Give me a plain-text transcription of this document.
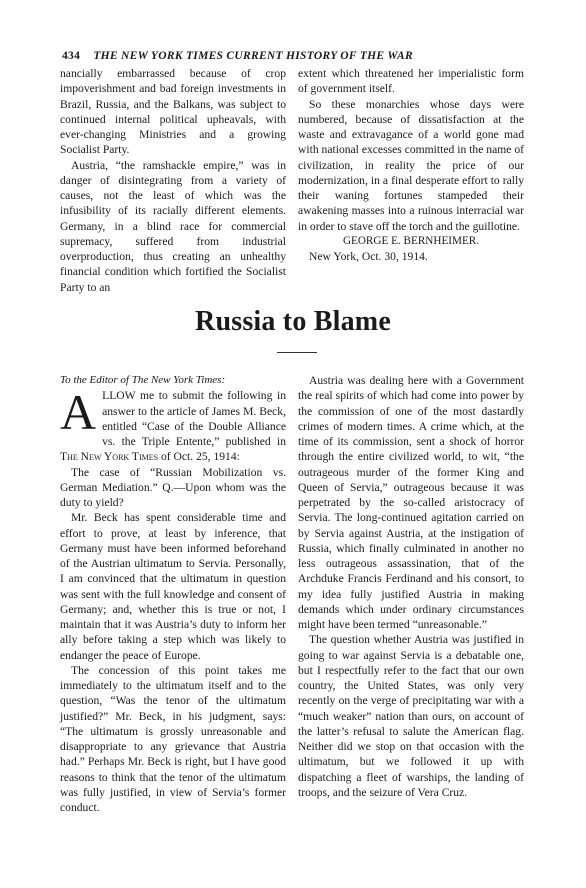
434 THE NEW YORK TIMES CURRENT HISTORY OF THE WAR

nancially embarrassed because of crop impoverishment and bad foreign investments in Brazil, Russia, and the Balkans, was subject to continued internal political upheavals, with ever-changing Ministries and a growing Socialist Party.

Austria, “the ramshackle empire,” was in danger of disintegrating from a variety of causes, not the least of which was the infusibility of its racially different elements. Germany, in a blind race for commercial supremacy, suffered from industrial overproduction, thus creating an unhealthy financial condition which fortified the Socialist Party to an

extent which threatened her imperialistic form of government itself.

So these monarchies whose days were numbered, because of dissatisfaction at the waste and extravagance of a world gone mad with national excesses committed in the name of civilization, in reality the price of our modernization, in a final desperate effort to rally their waning fortunes stampeded their awakening masses into a ruinous interracial war in order to stave off the torch and the guillotine.

GEORGE E. BERNHEIMER.

New York, Oct. 30, 1914.

Russia to Blame

To the Editor of The New York Times:

ALLOW me to submit the following in answer to the article of James M. Beck, entitled “Case of the Double Alliance vs. the Triple Entente,” published in The New York Times of Oct. 25, 1914:

The case of “Russian Mobilization vs. German Mediation.” Q.—Upon whom was the duty to yield?

Mr. Beck has spent considerable time and effort to prove, at least by inference, that Germany must have been informed beforehand of the Austrian ultimatum to Servia. Personally, I am convinced that the ultimatum in question was sent with the full knowledge and consent of Germany; and, whether this is true or not, I maintain that it was Austria’s duty to inform her ally before taking a step which was likely to endanger the peace of Europe.

The concession of this point takes me immediately to the ultimatum itself and to the question, “Was the tenor of the ultimatum justified?” Mr. Beck, in his judgment, says: “The ultimatum is grossly unreasonable and disappropriate to any grievance that Austria had.” Perhaps Mr. Beck is right, but I have good reasons to think that the tenor of the ultimatum was fully justified, in view of Servia’s former conduct.

Austria was dealing here with a Government the real spirits of which had come into power by the commission of one of the most dastardly crimes of modern times. A crime which, at the time of its commission, sent a shock of horror through the entire civilized world, to wit, “the outrageous murder of the former King and Queen of Servia,” outrageous because it was perpetrated by the so-called aristocracy of Servia. The long-continued agitation carried on by Servia against Austria, at the instigation of Russia, which finally culminated in another no less outrageous assassination, that of the Archduke Francis Ferdinand and his consort, to my idea fully justified Austria in making demands which under ordinary circumstances might have been termed “unreasonable.”

The question whether Austria was justified in going to war against Servia is a debatable one, but I respectfully refer to the fact that our own country, the United States, was only very recently on the verge of precipitating war with a “much weaker” nation than ours, on account of the latter’s refusal to salute the American flag. Neither did we stop on that occasion with the ultimatum, but we followed it up with dispatching a fleet of warships, the landing of troops, and the seizure of Vera Cruz.
